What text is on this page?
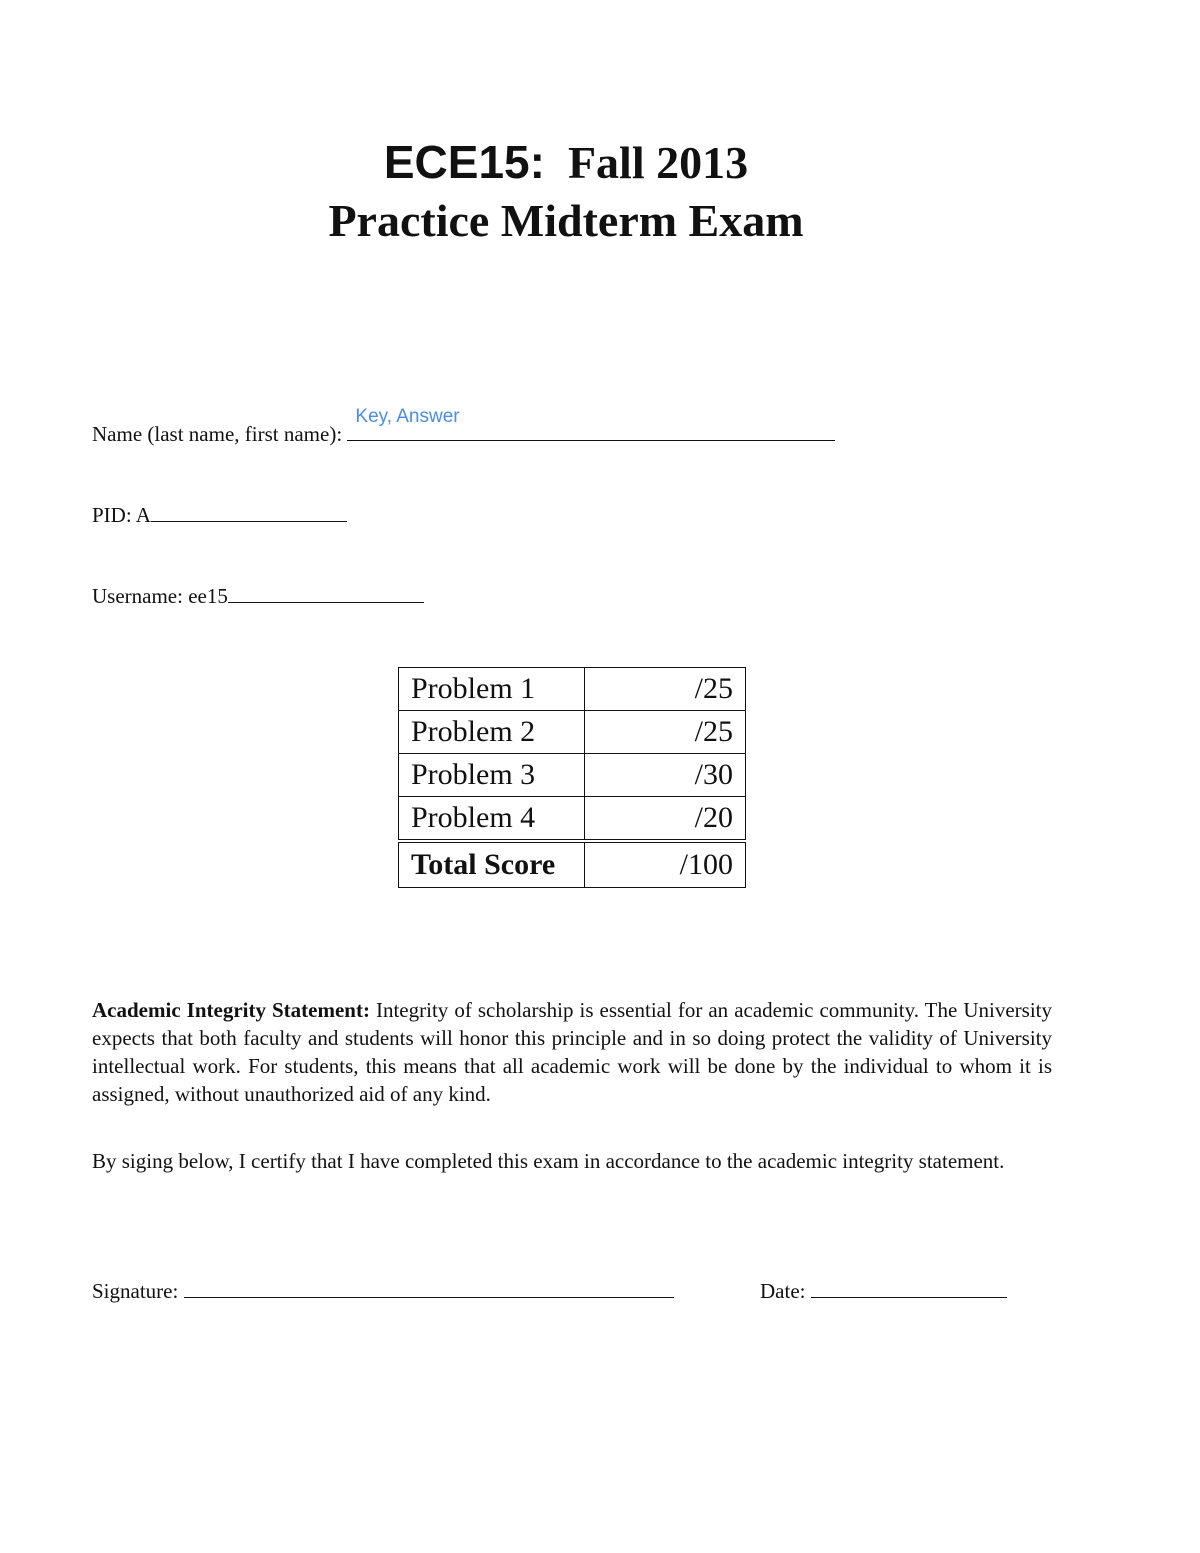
ECE15: Fall 2013
Practice Midterm Exam
Name (last name, first name):
Key, Answer
PID: A
Username: ee15
Problem 1	/25
Problem 2	/25
Problem 3	/30
Problem 4	/20
Total Score	/100
Academic Integrity Statement: Integrity of scholarship is essential for an academic community. The University expects that both faculty and students will honor this principle and in so doing protect the validity of University intellectual work. For students, this means that all academic work will be done by the individual to whom it is assigned, without unauthorized aid of any kind.
By siging below, I certify that I have completed this exam in accordance to the academic integrity statement.
Signature:	Date:
